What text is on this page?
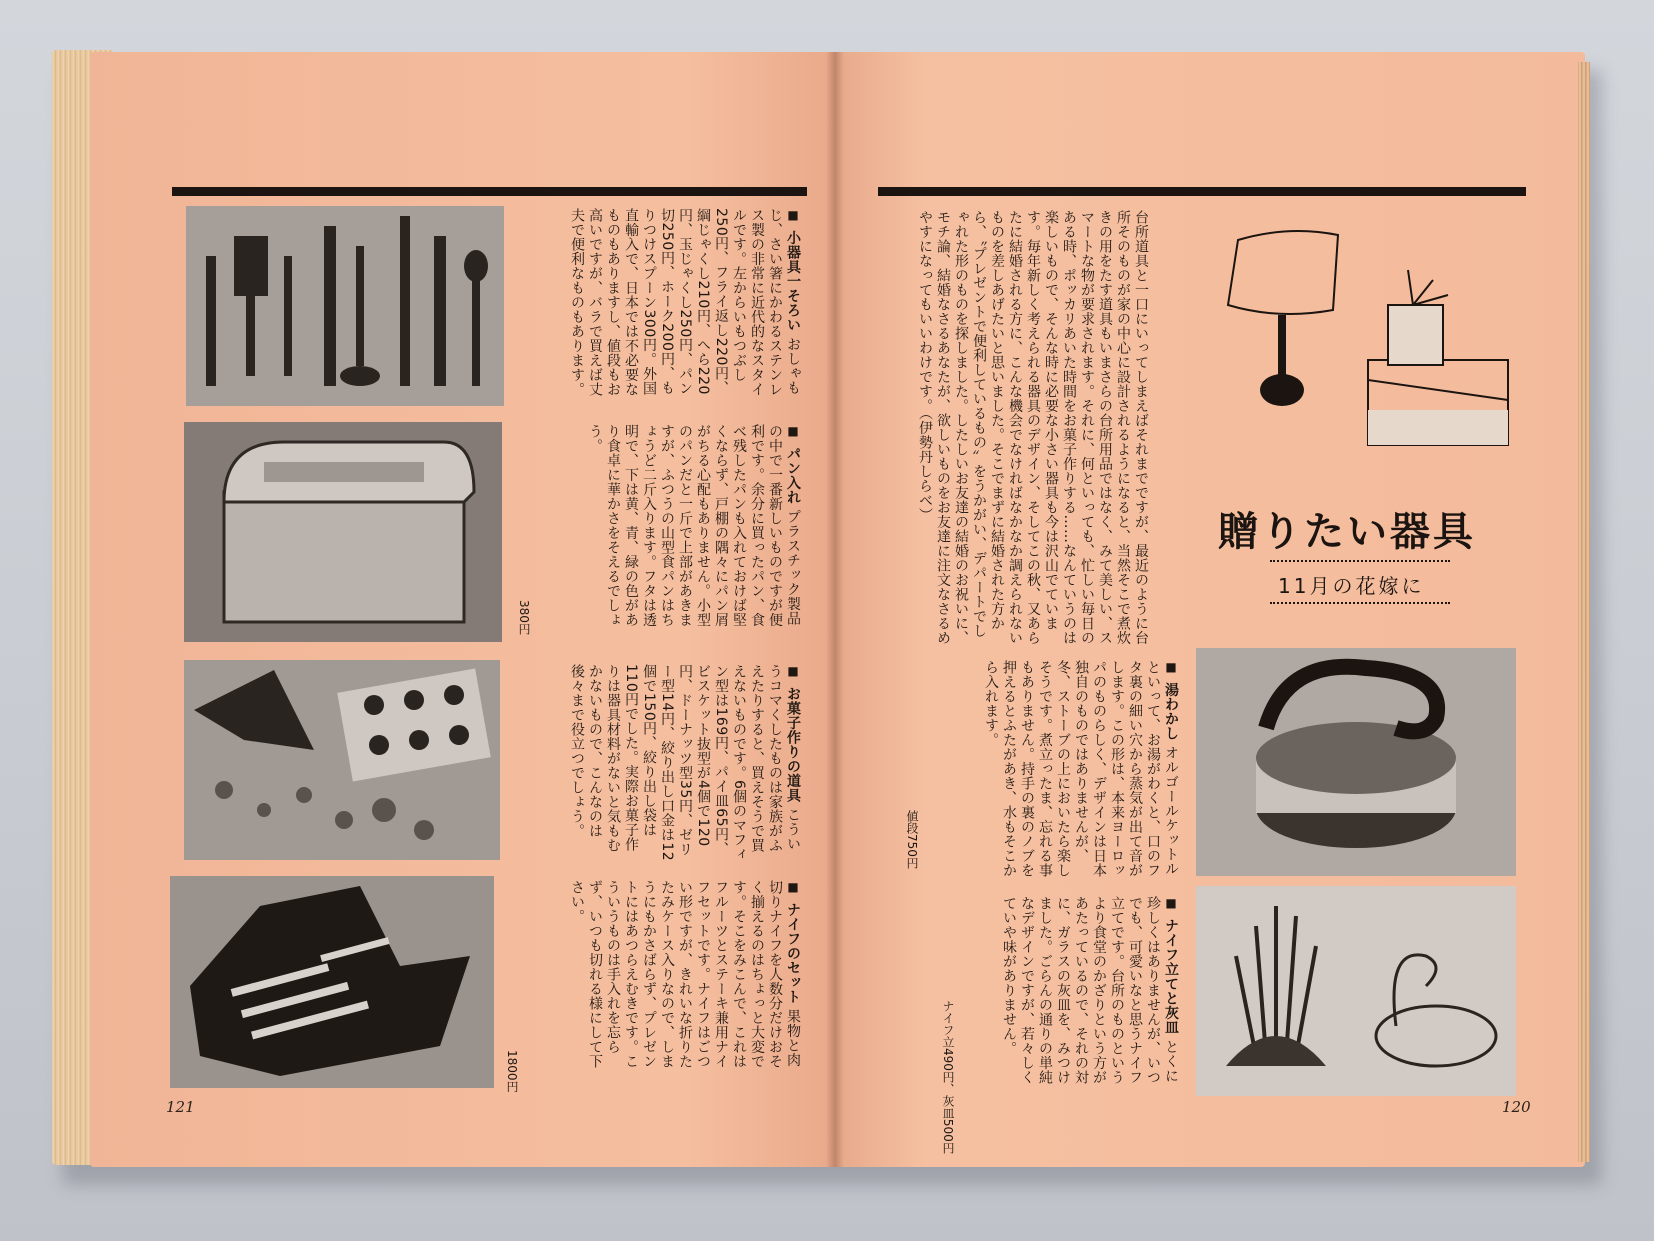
■ 小器具一そろい おしゃもじ、さい箸にかわるステンレス製の非常に近代的なスタイルです。左からいもつぶし250円、フライ返し220円、綱じゃくし210円、へら220円、玉じゃくし250円、パン切250円、ホーク200円、もりつけスプーン300円。外国直輸入で、日本では不必要なものもありますし、値段もお高いですが、バラで買えば丈夫で便利なものもあります。
■ パン入れ プラスチック製品の中で一番新しいものですが便利です。余分に買ったパン、食べ残したパンも入れておけば堅くならず、戸棚の隅々にパン屑がちる心配もありません。小型のパンだと一斤で上部があきますが、ふつうの山型食パンはちょうど二斤入ります。フタは透明で、下は黄、青、緑の色があり食卓に華かさをそえるでしょう。
380円
■ お菓子作りの道具 こういうコマくしたものは家族がふえたりすると、買えそうで買えないものです。6個のマフィン型は169円、パイ皿65円、ビスケット抜型が4個で120円、ドーナッツ型35円、ゼリー型14円、絞り出し口金は12個で150円、絞り出し袋は110円でした。実際お菓子作りは器具材料がないと気もむかないもので、こんなのは後々まで役立つでしょう。
■ ナイフのセット 果物と肉切りナイフを人数分だけおそく揃えるのはちょっと大変です。そこをみこんで、これはフルーツとステーキ兼用ナイフセットです。ナイフはごつい形ですが、きれいな折りたたみケース入りなので、しまうにもかさばらず、プレゼントにはあつらえむきです。こういうものは手入れを忘らず、いつも切れる様にして下さい。
1800円
121
台所道具と一口にいってしまえばそれまでですが、最近のように台所そのものが家の中心に設計されるようになると、当然そこで煮炊きの用をたす道具もいまさらの台所用品ではなく、みて美しい、スマートな物が要求されます。それに、何といっても、忙しい毎日のある時、ポッカリあいた時間をお菓子作りする……なんていうのは楽しいもので、そんな時に必要な小さい器具も今は沢山でています。毎年新しく考えられる器具のデザイン、そしてこの秋、又あらたに結婚される方に、こんな機会でなければなかなか調えられないものを差しあげたいと思いました。そこでまずに結婚された方から、〝プレゼントで便利しているもの〟をうかがい、デパートでしゃれた形のものを探しました。したしいお友達の結婚のお祝いに、モチ論、結婚なさるあなたが、欲しいものをお友達に注文なさるめやすになってもいいわけです。（伊勢丹しらべ）
贈りたい器具
11月の花嫁に
■ 湯わかし オルゴールケットルといって、お湯がわくと、口のフタ裏の細い穴から蒸気が出て音がします。この形は、本来ヨーロッパのものらしく、デザインは日本独自のものではありませんが、冬、ストーブの上においたら楽しそうです。煮立ったま、忘れる事もありません。持手の裏のノブを押えるとふたがあき、水もそこから入れます。
値段750円
■ ナイフ立てと灰皿 とくに珍しくはありませんが、いつでも、可愛いなと思うナイフ立てです。台所のものというより食堂のかざりという方があたっているので、それの対に、ガラスの灰皿を、みつけました。ごらんの通りの単純なデザインですが、若々しくていや味がありません。
ナイフ立490円、灰皿500円	120
